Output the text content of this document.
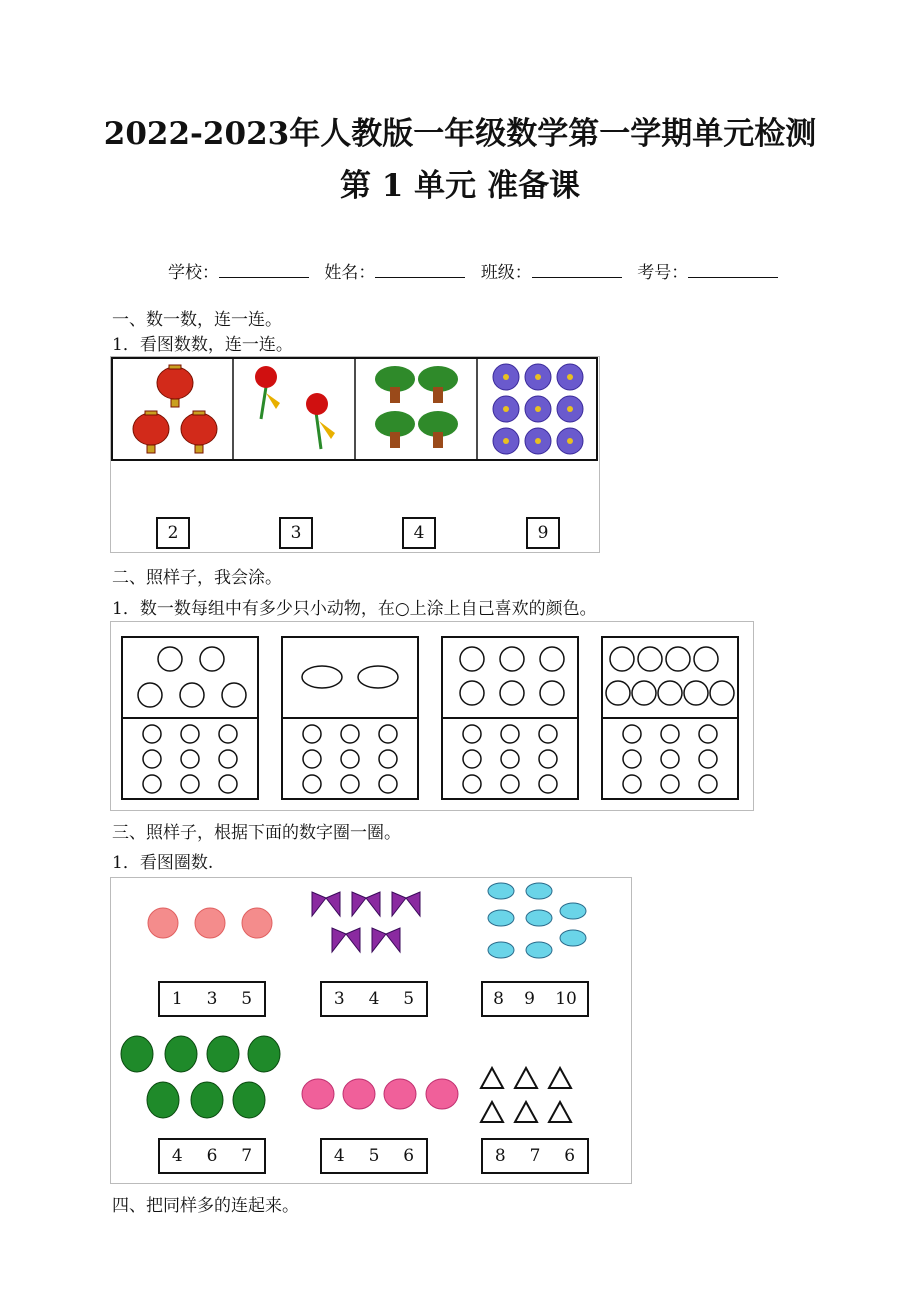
2022-2023年人教版一年级数学第一学期单元检测
第 1 单元 准备课
学校：	姓名：	班级：	考号：
一、数一数，连一连。
1．看图数数，连一连。
2	3	4	9
二、照样子，我会涂。
1．数一数每组中有多少只小动物，在○上涂上自己喜欢的颜色。
三、照样子，根据下面的数字圈一圈。
1．看图圈数.
1 3 5	3 4 5	8 9 10
4 6 7	4 5 6	8 7 6
四、把同样多的连起来。
